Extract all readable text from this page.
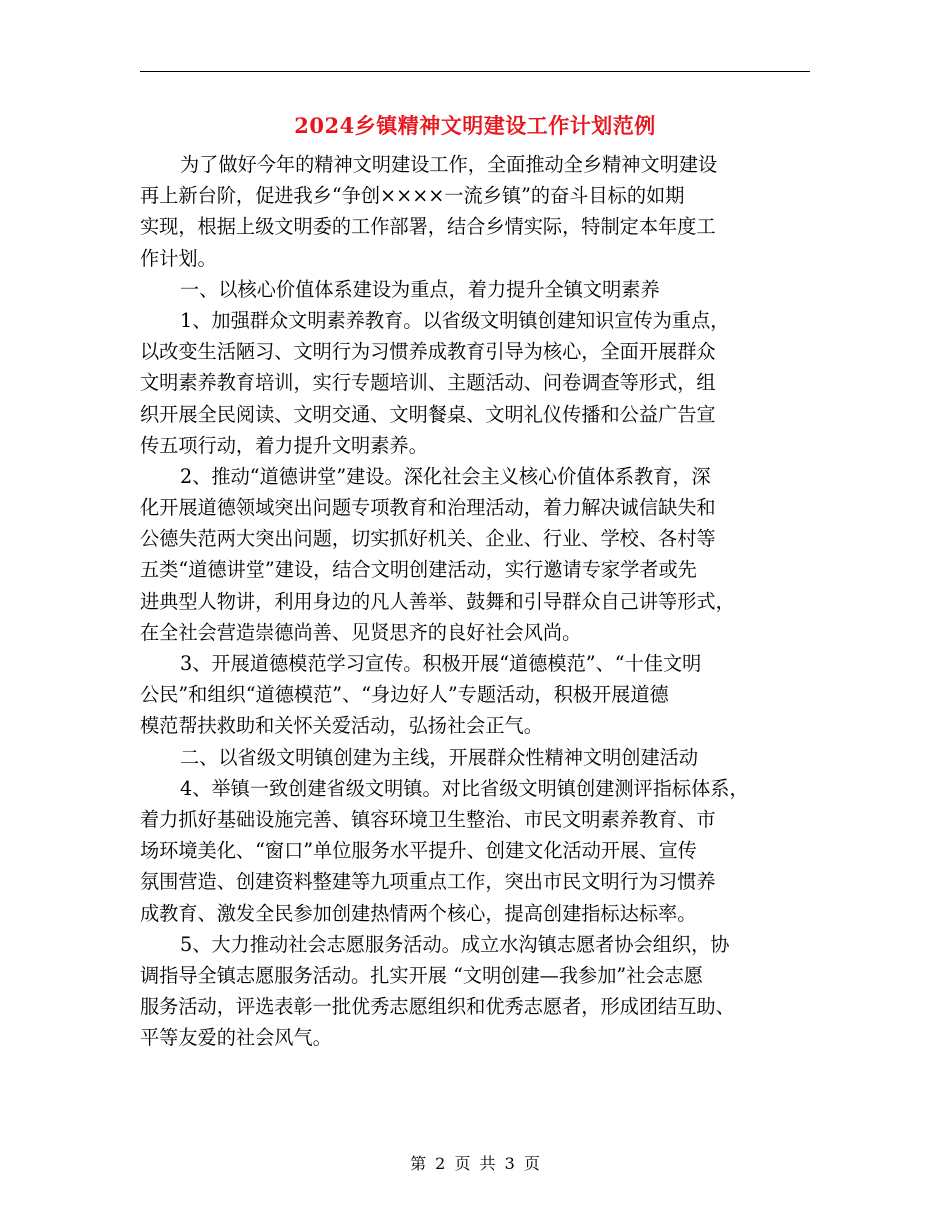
2024乡镇精神文明建设工作计划范例
为了做好今年的精神文明建设工作，全面推动全乡精神文明建设
再上新台阶，促进我乡“争创××××一流乡镇”的奋斗目标的如期
实现，根据上级文明委的工作部署，结合乡情实际，特制定本年度工
作计划。
一、以核心价值体系建设为重点，着力提升全镇文明素养
1、加强群众文明素养教育。以省级文明镇创建知识宣传为重点，
以改变生活陋习、文明行为习惯养成教育引导为核心，全面开展群众
文明素养教育培训，实行专题培训、主题活动、问卷调查等形式，组
织开展全民阅读、文明交通、文明餐桌、文明礼仪传播和公益广告宣
传五项行动，着力提升文明素养。
2、推动“道德讲堂”建设。深化社会主义核心价值体系教育，深
化开展道德领域突出问题专项教育和治理活动，着力解决诚信缺失和
公德失范两大突出问题，切实抓好机关、企业、行业、学校、各村等
五类“道德讲堂”建设，结合文明创建活动，实行邀请专家学者或先
进典型人物讲，利用身边的凡人善举、鼓舞和引导群众自己讲等形式，
在全社会营造崇德尚善、见贤思齐的良好社会风尚。
3、开展道德模范学习宣传。积极开展“道德模范”、“十佳文明
公民”和组织“道德模范”、“身边好人”专题活动，积极开展道德
模范帮扶救助和关怀关爱活动，弘扬社会正气。
二、以省级文明镇创建为主线，开展群众性精神文明创建活动
4、举镇一致创建省级文明镇。对比省级文明镇创建测评指标体系，
着力抓好基础设施完善、镇容环境卫生整治、市民文明素养教育、市
场环境美化、“窗口”单位服务水平提升、创建文化活动开展、宣传
氛围营造、创建资料整建等九项重点工作，突出市民文明行为习惯养
成教育、激发全民参加创建热情两个核心，提高创建指标达标率。
5、大力推动社会志愿服务活动。成立水沟镇志愿者协会组织，协
调指导全镇志愿服务活动。扎实开展 “文明创建—我参加”社会志愿
服务活动，评选表彰一批优秀志愿组织和优秀志愿者，形成团结互助、
平等友爱的社会风气。
第 2 页 共 3 页
